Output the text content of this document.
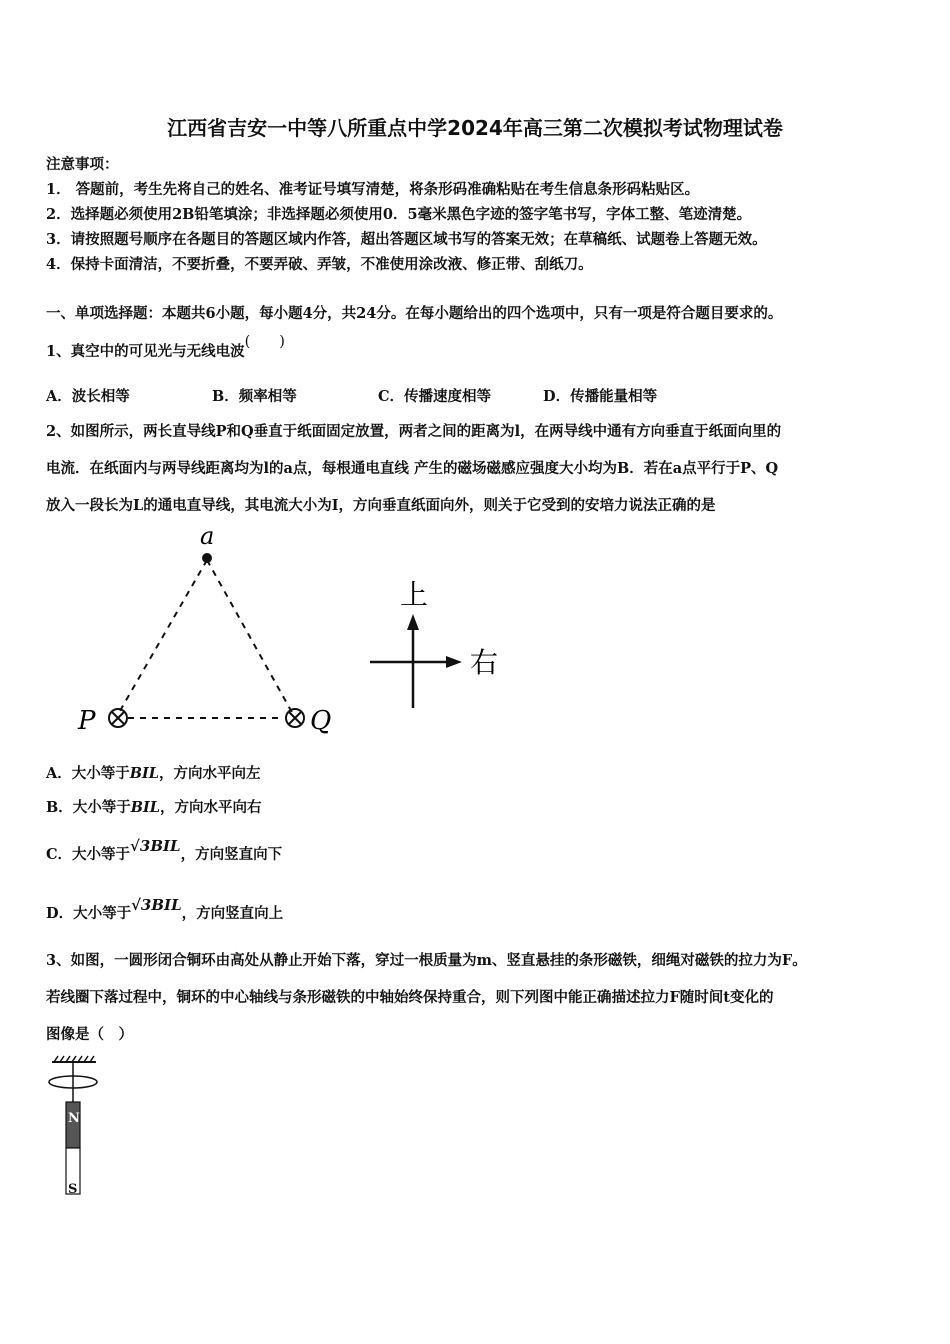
江西省吉安一中等八所重点中学2024年高三第二次模拟考试物理试卷
注意事项：
1． 答题前，考生先将自己的姓名、准考证号填写清楚，将条形码准确粘贴在考生信息条形码粘贴区。
2．选择题必须使用2B铅笔填涂；非选择题必须使用0．5毫米黑色字迹的签字笔书写，字体工整、笔迹清楚。
3．请按照题号顺序在各题目的答题区域内作答，超出答题区域书写的答案无效；在草稿纸、试题卷上答题无效。
4．保持卡面清洁，不要折叠，不要弄破、弄皱，不准使用涂改液、修正带、刮纸刀。
一、单项选择题：本题共6小题，每小题4分，共24分。在每小题给出的四个选项中，只有一项是符合题目要求的。
1、真空中的可见光与无线电波(　　)
A．波长相等	B．频率相等	C．传播速度相等	D．传播能量相等
2、如图所示，两长直导线P和Q垂直于纸面固定放置，两者之间的距离为l，在两导线中通有方向垂直于纸面向里的
电流．在纸面内与两导线距离均为l的a点，每根通电直线 产生的磁场磁感应强度大小均为B．若在a点平行于P、Q
放入一段长为L的通电直导线，其电流大小为I，方向垂直纸面向外，则关于它受到的安培力说法正确的是
a
P	Q
上
右
A．大小等于BIL，方向水平向左
B．大小等于BIL，方向水平向右
C．大小等于√3BIL，方向竖直向下
D．大小等于√3BIL，方向竖直向上
3、如图，一圆形闭合铜环由高处从静止开始下落，穿过一根质量为m、竖直悬挂的条形磁铁，细绳对磁铁的拉力为F。
若线圈下落过程中，铜环的中心轴线与条形磁铁的中轴始终保持重合，则下列图中能正确描述拉力F随时间t变化的
图像是（　）
N
S
